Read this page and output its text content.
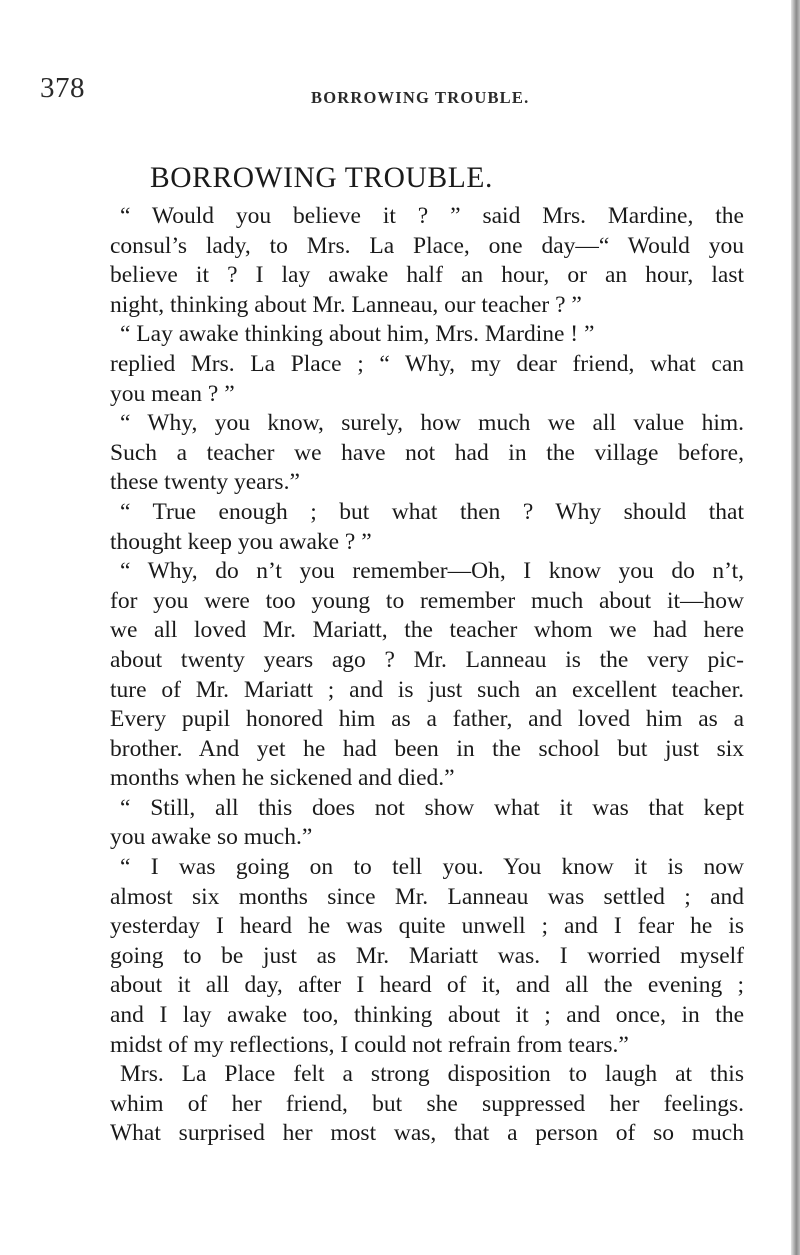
378	BORROWING TROUBLE.
BORROWING TROUBLE.
“ Would you believe it ? ” said Mrs. Mardine, the
consul’s lady, to Mrs. La Place, one day—“ Would you
believe it ? I lay awake half an hour, or an hour, last
night, thinking about Mr. Lanneau, our teacher ? ”
“ Lay awake thinking about him, Mrs. Mardine ! ”
replied Mrs. La Place ; “ Why, my dear friend, what can
you mean ? ”
“ Why, you know, surely, how much we all value him.
Such a teacher we have not had in the village before,
these twenty years.”
“ True enough ; but what then ? Why should that
thought keep you awake ? ”
“ Why, do n’t you remember—Oh, I know you do n’t,
for you were too young to remember much about it—how
we all loved Mr. Mariatt, the teacher whom we had here
about twenty years ago ? Mr. Lanneau is the very pic-
ture of Mr. Mariatt ; and is just such an excellent teacher.
Every pupil honored him as a father, and loved him as a
brother. And yet he had been in the school but just six
months when he sickened and died.”
“ Still, all this does not show what it was that kept
you awake so much.”
“ I was going on to tell you. You know it is now
almost six months since Mr. Lanneau was settled ; and
yesterday I heard he was quite unwell ; and I fear he is
going to be just as Mr. Mariatt was. I worried myself
about it all day, after I heard of it, and all the evening ;
and I lay awake too, thinking about it ; and once, in the
midst of my reflections, I could not refrain from tears.”
Mrs. La Place felt a strong disposition to laugh at this
whim of her friend, but she suppressed her feelings.
What surprised her most was, that a person of so much
